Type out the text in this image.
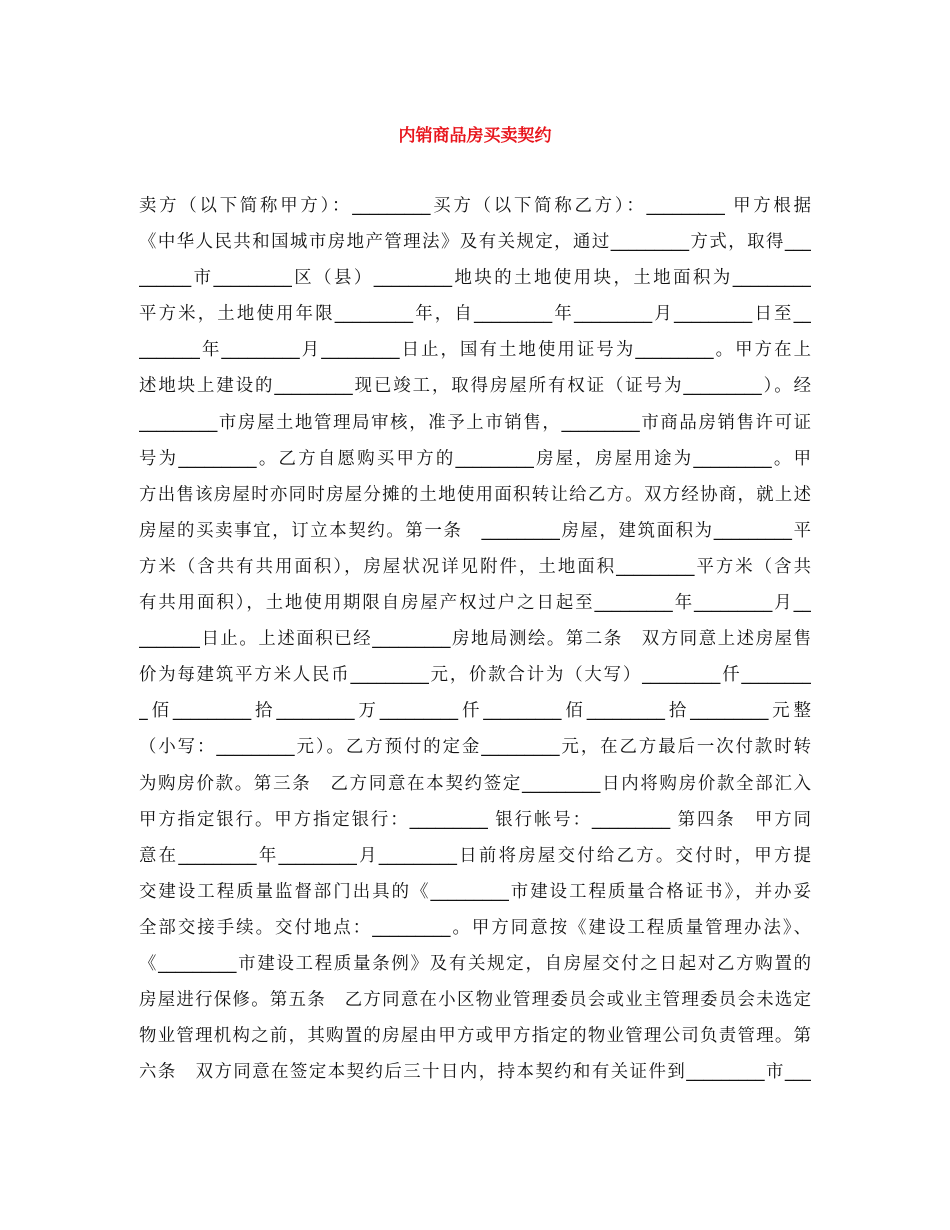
内销商品房买卖契约
卖方（以下简称甲方）：_________买方（以下简称乙方）：_________ 甲方根据
《中华人民共和国城市房地产管理法》及有关规定，通过_________方式，取得___
______市_________区（县）_________地块的土地使用块，土地面积为_________
平方米，土地使用年限_________年，自_________年_________月_________日至__
_______年_________月_________日止，国有土地使用证号为_________。甲方在上
述地块上建设的_________现已竣工，取得房屋所有权证（证号为_________）。经
_________市房屋土地管理局审核，准予上市销售，_________市商品房销售许可证
号为_________。乙方自愿购买甲方的_________房屋，房屋用途为_________。甲
方出售该房屋时亦同时房屋分摊的土地使用面积转让给乙方。双方经协商，就上述
房屋的买卖事宜，订立本契约。第一条　_________房屋，建筑面积为_________平
方米（含共有共用面积），房屋状况详见附件，土地面积_________平方米（含共
有共用面积），土地使用期限自房屋产权过户之日起至_________年_________月__
_______日止。上述面积已经_________房地局测绘。第二条　双方同意上述房屋售
价为每建筑平方米人民币_________元，价款合计为（大写）_________仟________
_佰_________拾_________万_________仟_________佰_________拾_________元整
（小写：_________元）。乙方预付的定金_________元，在乙方最后一次付款时转
为购房价款。第三条　乙方同意在本契约签定_________日内将购房价款全部汇入
甲方指定银行。甲方指定银行：_________ 银行帐号：_________ 第四条　甲方同
意在_________年_________月_________日前将房屋交付给乙方。交付时，甲方提
交建设工程质量监督部门出具的《_________市建设工程质量合格证书》，并办妥
全部交接手续。交付地点：_________。甲方同意按《建设工程质量管理办法》、
《_________市建设工程质量条例》及有关规定，自房屋交付之日起对乙方购置的
房屋进行保修。第五条　乙方同意在小区物业管理委员会或业主管理委员会未选定
物业管理机构之前，其购置的房屋由甲方或甲方指定的物业管理公司负责管理。第
六条　双方同意在签定本契约后三十日内，持本契约和有关证件到_________市___
